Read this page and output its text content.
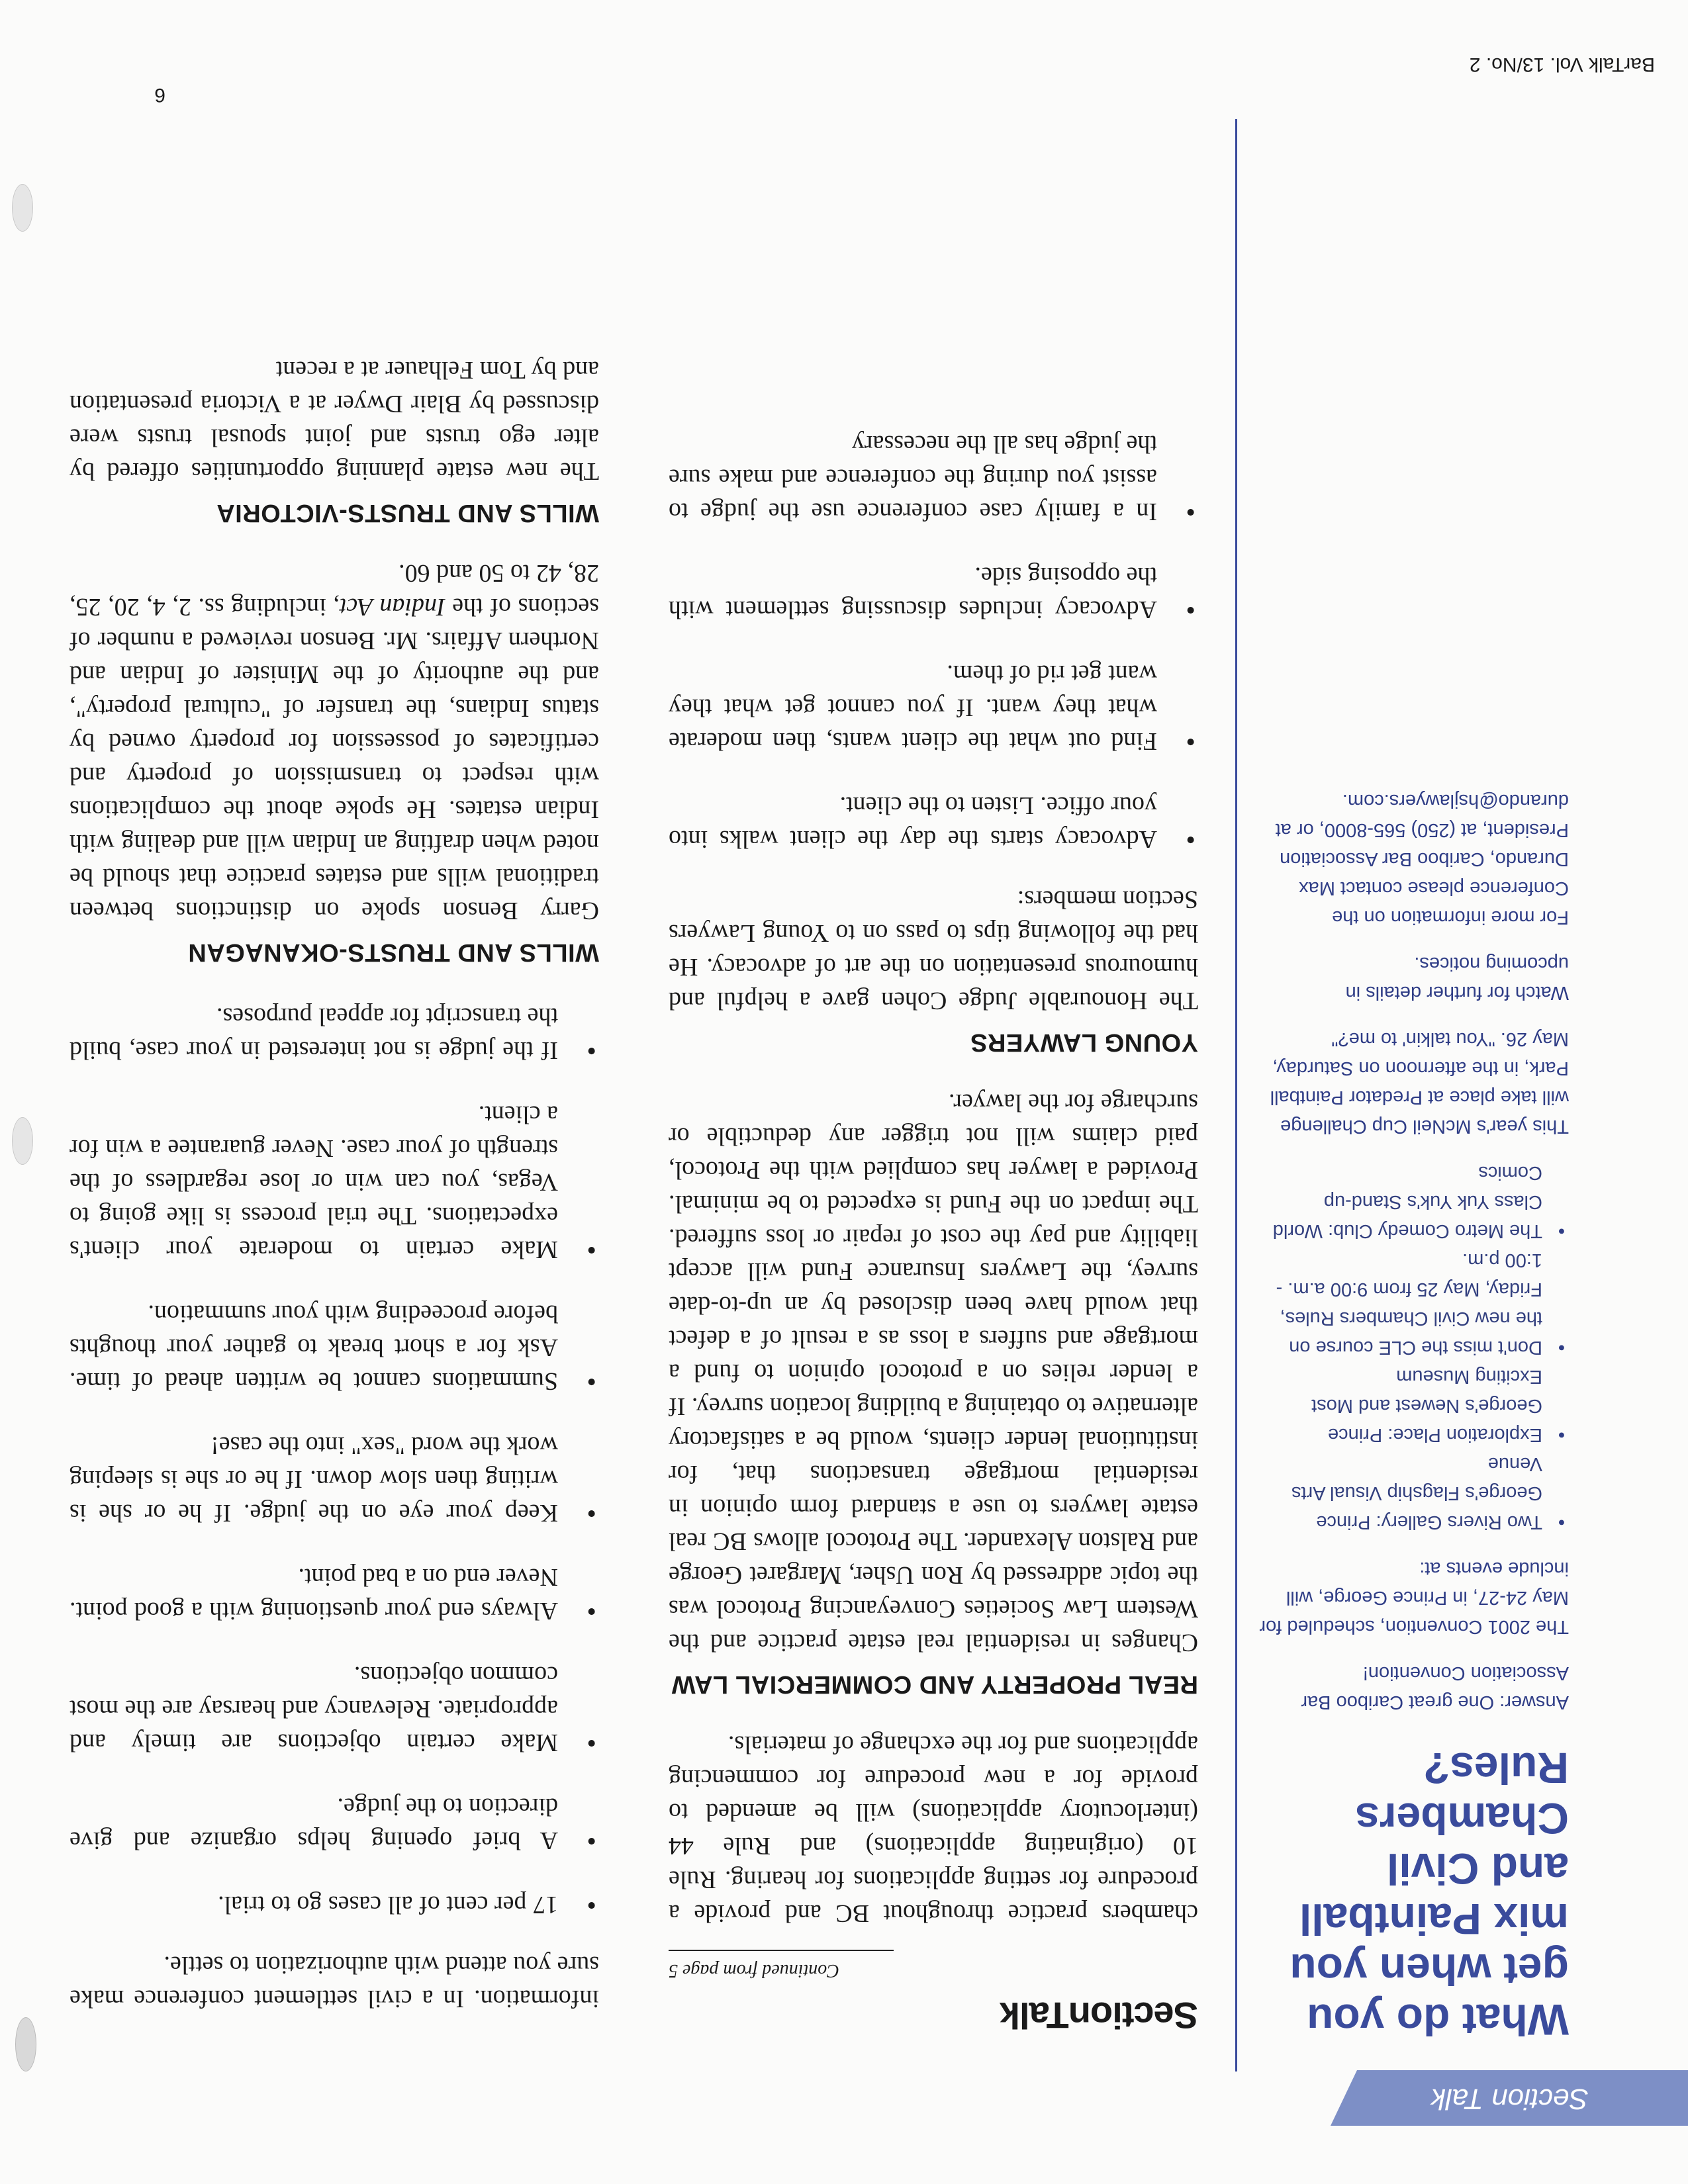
Section Talk
What do you get when you mix Paintball and Civil Chambers Rules?

Answer: One great Cariboo Bar Association Convention!

The 2001 Convention, scheduled for May 24-27, in Prince George, will include events at:

• Two Rivers Gallery: Prince George's Flagship Visual Arts Venue
• Exploration Place: Prince George's Newest and Most Exciting Museum
• Don't miss the CLE course on the new Civil Chambers Rules, Friday, May 25 from 9:00 a.m. - 1:00 p.m.
• The Metro Comedy Club: World Class Yuk Yuk's Stand-up Comics

This year's McNeil Cup Challenge will take place at Predator Paintball Park, in the afternoon on Saturday, May 26. "You talkin' to me?"

Watch for further details in upcoming notices.

For more information on the Conference please contact Max Durando, Cariboo Bar Association President, at (250) 565-8000, or at durando@hsjlawyers.com.

SectionTalk
Continued from page 5

chambers practice throughout BC and provide a procedure for setting applications for hearing. Rule 10 (originating applications) and Rule 44 (interlocutory applications) will be amended to provide for a new procedure for commencing applications and for the exchange of materials.

REAL PROPERTY AND COMMERCIAL LAW

Changes in residential real estate practice and the Western Law Societies Conveyancing Protocol was the topic addressed by Ron Usher, Margaret George and Ralston Alexander. The Protocol allows BC real estate lawyers to use a standard form opinion in residential mortgage transactions that, for institutional lender clients, would be a satisfactory alternative to obtaining a building location survey. If a lender relies on a protocol opinion to fund a mortgage and suffers a loss as a result of a defect that would have been disclosed by an up-to-date survey, the Lawyers Insurance Fund will accept liability and pay the cost of repair or loss suffered. The impact on the Fund is expected to be minimal. Provided a lawyer has complied with the Protocol, paid claims will not trigger any deductible or surcharge for the lawyer.

YOUNG LAWYERS

The Honourable Judge Cohen gave a helpful and humourous presentation on the art of advocacy. He had the following tips to pass on to Young Lawyers Section members:

• Advocacy starts the day the client walks into your office. Listen to the client.
• Find out what the client wants, then moderate what they want. If you cannot get what they want get rid of them.
• Advocacy includes discussing settlement with the opposing side.
• In a family case conference use the judge to assist you during the conference and make sure the judge has all the necessary

information. In a civil settlement conference make sure you attend with authorization to settle.

• 17 per cent of all cases go to trial.
• A brief opening helps organize and give direction to the judge.
• Make certain objections are timely and appropriate. Relevancy and hearsay are the most common objections.
• Always end your questioning with a good point. Never end on a bad point.
• Keep your eye on the judge. If he or she is writing then slow down. If he or she is sleeping work the word "sex" into the case!
• Summations cannot be written ahead of time. Ask for a short break to gather your thoughts before proceeding with your summation.
• Make certain to moderate your client's expectations. The trial process is like going to Vegas, you can win or lose regardless of the strength of your case. Never guarantee a win for a client.
• If the judge is not interested in your case, build the transcript for appeal purposes.
WILLS AND TRUSTS-OKANAGAN

Garry Benson spoke on distinctions between traditional wills and estates practice that should be noted when drafting an Indian will and dealing with Indian estates. He spoke about the complications with respect to transmission of property and certificates of possession for property owned by status Indians, the transfer of "cultural property", and the authority of the Minister of Indian and Northern Affairs. Mr. Benson reviewed a number of sections of the Indian Act, including ss. 2, 4, 20, 25, 28, 42 to 50 and 60.

WILLS AND TRUSTS-VICTORIA

The new estate planning opportunities offered by alter ego trusts and joint spousal trusts were discussed by Blair Dwyer at a Victoria presentation and by Tom Felhauer at a recent

6
BarTalk Vol. 13/No. 2
